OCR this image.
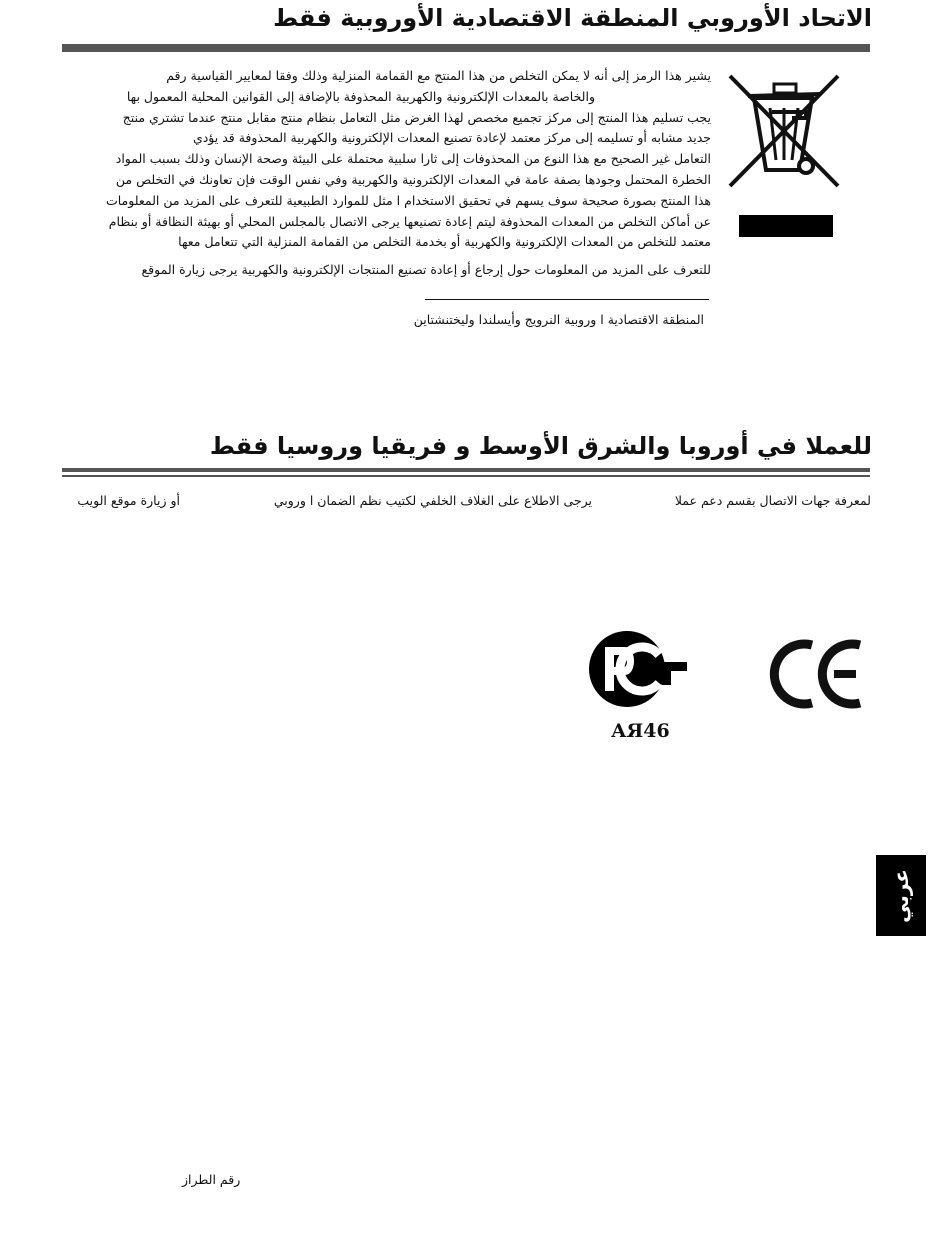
الاتحاد الأوروبي المنطقة الاقتصادية الأوروبية فقط
يشير هذا الرمز إلى أنه لا يمكن التخلص من هذا المنتج مع القمامة المنزلية وذلك وفقا لمعايير القياسية رقم
والخاصة بالمعدات الإلكترونية والكهربية المحذوفة بالإضافة إلى القوانين المحلية المعمول بها
يجب تسليم هذا المنتج إلى مركز تجميع مخصص لهذا الغرض مثل التعامل بنظام منتج مقابل منتج عندما تشتري منتج
جديد مشابه أو تسليمه إلى مركز معتمد لإعادة تصنيع المعدات الإلكترونية والكهربية المحذوفة قد يؤدي
التعامل غير الصحيح مع هذا النوع من المحذوفات إلى ثارا سلبية محتملة على البيئة وصحة الإنسان وذلك بسبب المواد
الخطرة المحتمل وجودها بصفة عامة في المعدات الإلكترونية والكهربية وفي نفس الوقت فإن تعاونك في التخلص من
هذا المنتج بصورة صحيحة سوف يسهم في تحقيق الاستخدام ا مثل للموارد الطبيعية للتعرف على المزيد من المعلومات
عن أماكن التخلص من المعدات المحذوفة ليتم إعادة تصنيعها يرجى الاتصال بالمجلس المحلي أو بهيئة النظافة أو بنظام
معتمد للتخلص من المعدات الإلكترونية والكهربية أو بخدمة التخلص من القمامة المنزلية التي تتعامل معها
للتعرف على المزيد من المعلومات حول إرجاع أو إعادة تصنيع المنتجات الإلكترونية والكهربية يرجى زيارة الموقع
المنطقة الاقتصادية ا وروبية النرويج وأيسلندا وليختنشتاين
للعملا في أوروبا والشرق الأوسط و فريقيا وروسيا فقط
لمعرفة جهات الاتصال بقسم دعم عملا
يرجى الاطلاع على الغلاف الخلفي لكتيب نظم الضمان ا وروبي
أو زيارة موقع الويب
АЯ46
عربي
رقم الطراز
